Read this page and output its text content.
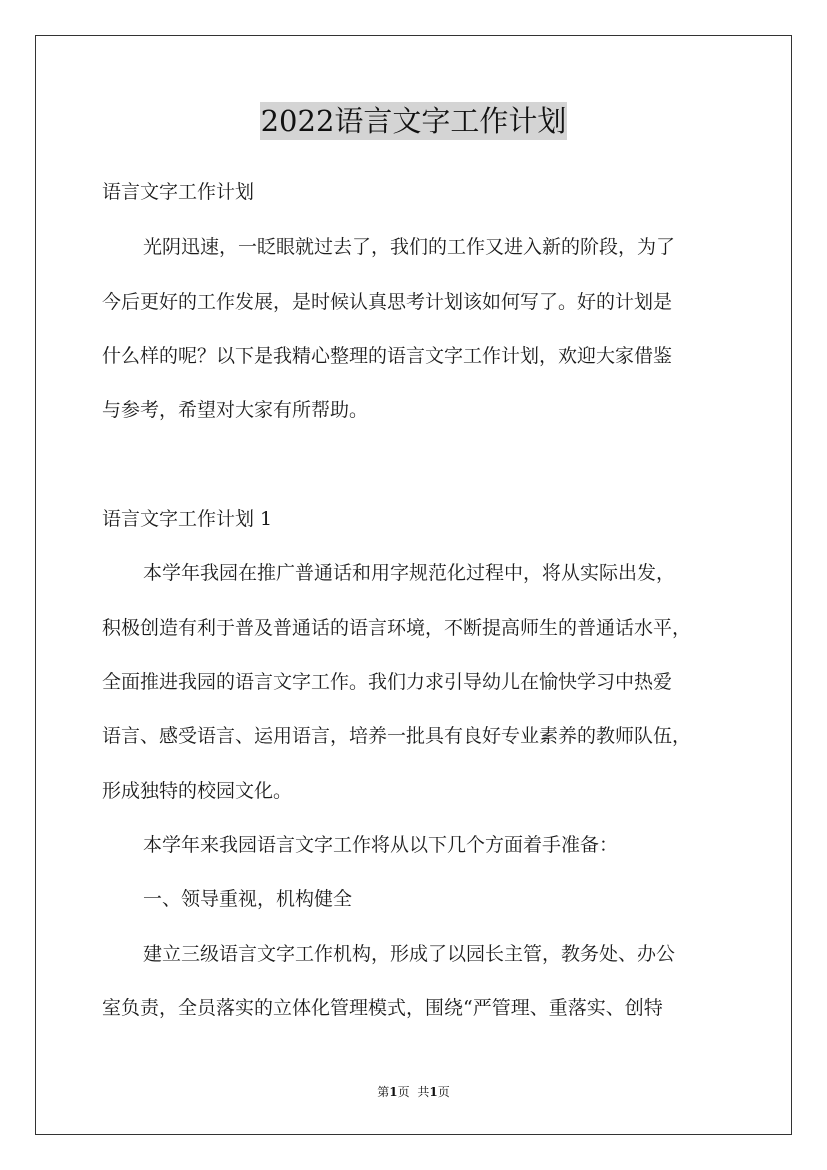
2022语言文字工作计划
语言文字工作计划
光阴迅速，一眨眼就过去了，我们的工作又进入新的阶段，为了
今后更好的工作发展，是时候认真思考计划该如何写了。好的计划是
什么样的呢？以下是我精心整理的语言文字工作计划，欢迎大家借鉴
与参考，希望对大家有所帮助。
语言文字工作计划 1
本学年我园在推广普通话和用字规范化过程中，将从实际出发，
积极创造有利于普及普通话的语言环境，不断提高师生的普通话水平，
全面推进我园的语言文字工作。我们力求引导幼儿在愉快学习中热爱
语言、感受语言、运用语言，培养一批具有良好专业素养的教师队伍，
形成独特的校园文化。
本学年来我园语言文字工作将从以下几个方面着手准备：
一、领导重视，机构健全
建立三级语言文字工作机构，形成了以园长主管，教务处、办公
室负责，全员落实的立体化管理模式，围绕“严管理、重落实、创特
第1页 共1页
